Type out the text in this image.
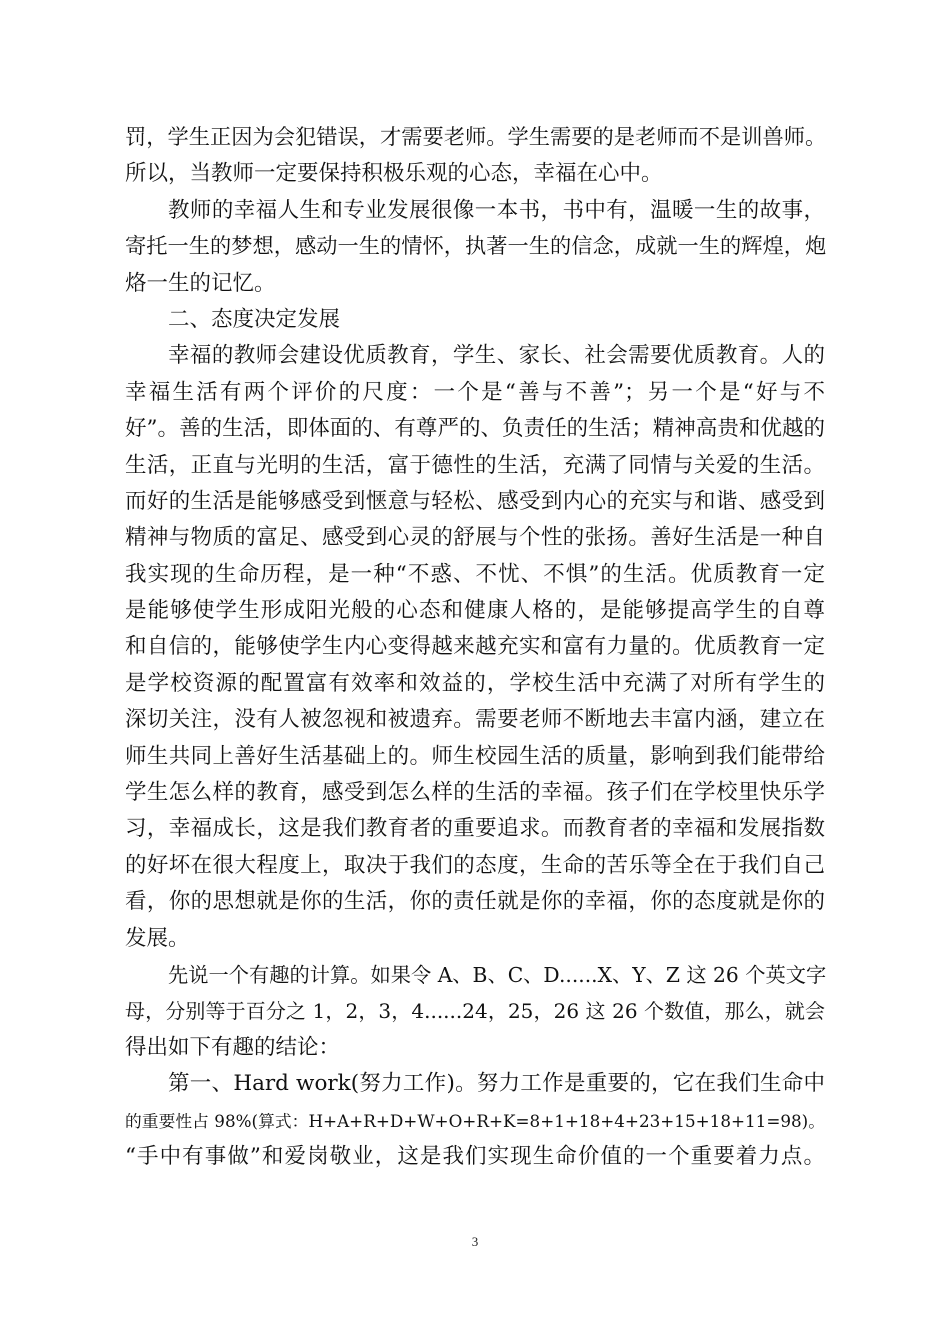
罚，学生正因为会犯错误，才需要老师。学生需要的是老师而不是训兽师。
所以，当教师一定要保持积极乐观的心态，幸福在心中。
教师的幸福人生和专业发展很像一本书，书中有，温暖一生的故事，
寄托一生的梦想，感动一生的情怀，执著一生的信念，成就一生的辉煌，炮
烙一生的记忆。
二、态度决定发展
幸福的教师会建设优质教育，学生、家长、社会需要优质教育。人的
幸福生活有两个评价的尺度：一个是“善与不善”；另一个是“好与不
好”。善的生活，即体面的、有尊严的、负责任的生活；精神高贵和优越的
生活，正直与光明的生活，富于德性的生活，充满了同情与关爱的生活。
而好的生活是能够感受到惬意与轻松、感受到内心的充实与和谐、感受到
精神与物质的富足、感受到心灵的舒展与个性的张扬。善好生活是一种自
我实现的生命历程，是一种“不惑、不忧、不惧”的生活。优质教育一定
是能够使学生形成阳光般的心态和健康人格的，是能够提高学生的自尊
和自信的，能够使学生内心变得越来越充实和富有力量的。优质教育一定
是学校资源的配置富有效率和效益的，学校生活中充满了对所有学生的
深切关注，没有人被忽视和被遗弃。需要老师不断地去丰富内涵，建立在
师生共同上善好生活基础上的。师生校园生活的质量，影响到我们能带给
学生怎么样的教育，感受到怎么样的生活的幸福。孩子们在学校里快乐学
习，幸福成长，这是我们教育者的重要追求。而教育者的幸福和发展指数
的好坏在很大程度上，取决于我们的态度，生命的苦乐等全在于我们自己
看，你的思想就是你的生活，你的责任就是你的幸福，你的态度就是你的
发展。
先说一个有趣的计算。如果令 A、B、C、D......X、Y、Z 这 26 个英文字
母，分别等于百分之 1，2，3，4......24，25，26 这 26 个数值，那么，就会
得出如下有趣的结论：
第一、Hard work(努力工作)。努力工作是重要的，它在我们生命中
的重要性占 98%(算式：H+A+R+D+W+O+R+K=8+1+18+4+23+15+18+11=98)。
“手中有事做”和爱岗敬业，这是我们实现生命价值的一个重要着力点。
3
